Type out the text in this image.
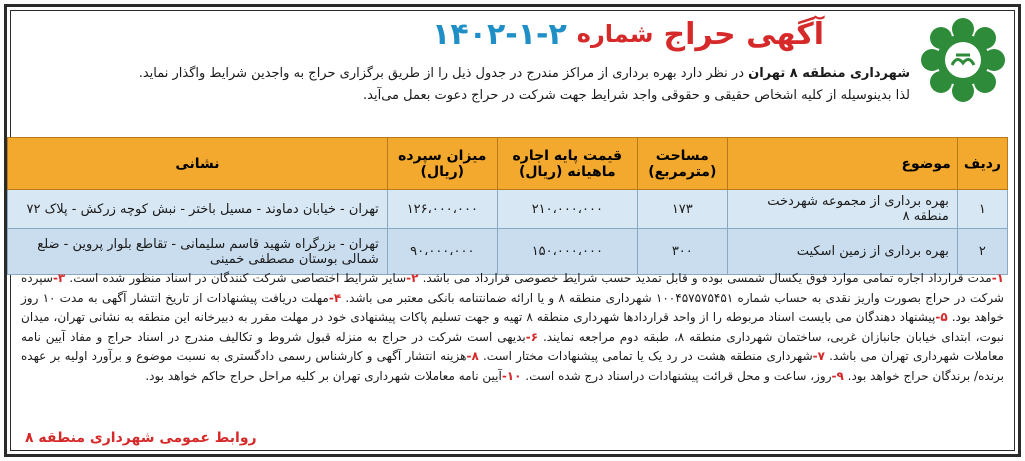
آگهی حراج
شماره
۱۴۰۲-۱-۲
شهرداری منطقه ۸ تهران در نظر دارد بهره برداری از مراکز مندرج در جدول ذیل را از طریق برگزاری حراج به واجدین شرایط واگذار نماید.
لذا بدینوسیله از کلیه اشخاص حقیقی و حقوقی واجد شرایط جهت شرکت در حراج دعوت بعمل می‌آید.
ردیف	موضوع	مساحت (مترمربع)	قیمت پایه اجاره ماهیانه (ریال)	میزان سپرده (ریال)	نشانی
۱	بهره برداری از مجموعه شهردخت منطقه ۸	۱۷۳	۲۱۰،۰۰۰،۰۰۰	۱۲۶،۰۰۰،۰۰۰	تهران - خیابان دماوند - مسیل باختر - نبش کوچه زرکش - پلاک ۷۲
۲	بهره برداری از زمین اسکیت	۳۰۰	۱۵۰،۰۰۰،۰۰۰	۹۰،۰۰۰،۰۰۰	تهران - بزرگراه شهید قاسم سلیمانی - تقاطع بلوار پروین - ضلع شمالی بوستان مصطفی خمینی
۱-مدت قرارداد اجاره تمامی موارد فوق یکسال شمسی بوده و قابل تمدید حسب شرایط خصوصی قرارداد می باشد. ۲-سایر شرایط اختصاصی شرکت کنندگان در اسناد منظور شده است. ۳-سپرده شرکت در حراج بصورت واریز نقدی به حساب شماره ۱۰۰۴۵۷۵۷۵۴۵۱ شهرداری منطقه ۸ و یا ارائه ضمانتنامه بانکی معتبر می باشد. ۴-مهلت دریافت پیشنهادات از تاریخ انتشار آگهی به مدت ۱۰ روز خواهد بود. ۵-پیشنهاد دهندگان می بایست اسناد مربوطه را از واحد قراردادها شهرداری منطقه ۸ تهیه و جهت تسلیم پاکات پیشنهادی خود در مهلت مقرر به دبیرخانه این منطقه به نشانی تهران، میدان نبوت، ابتدای خیابان جانبازان غربی، ساختمان شهرداری منطقه ۸، طبقه دوم مراجعه نمایند. ۶-بدیهی است شرکت در حراج به منزله قبول شروط و تکالیف مندرج در اسناد حراج و مفاد آیین نامه معاملات شهرداری تهران می باشد. ۷-شهرداری منطقه هشت در رد یک یا تمامی پیشنهادات مختار است. ۸-هزینه انتشار آگهی و کارشناس رسمی دادگستری به نسبت موضوع و برآورد اولیه بر عهده برنده/ برندگان حراج خواهد بود. ۹-روز، ساعت و محل قرائت پیشنهادات دراسناد درج شده است. ۱۰-آیین نامه معاملات شهرداری تهران بر کلیه مراحل حراج حاکم خواهد بود.
روابط عمومی شهرداری منطقه ۸
